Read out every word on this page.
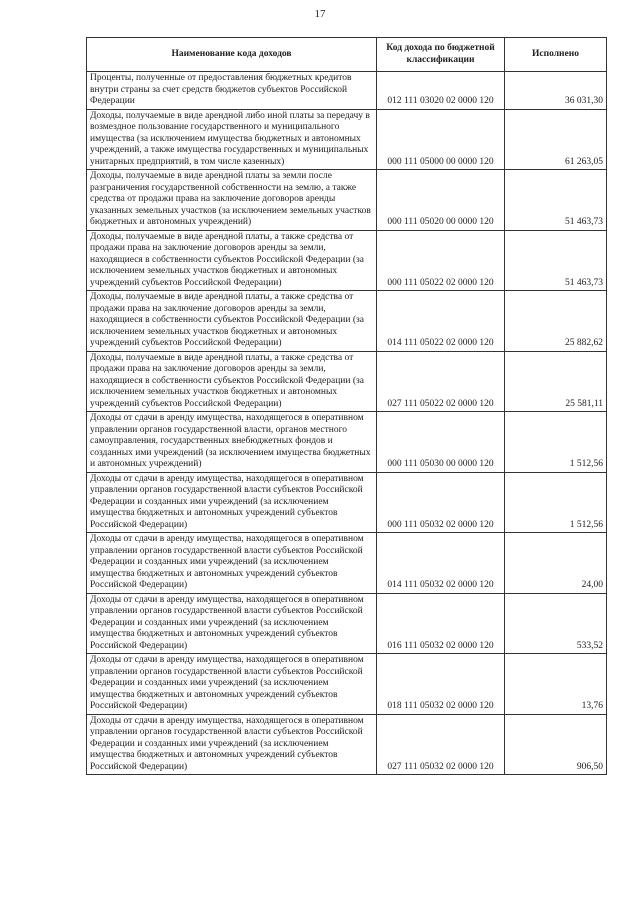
17
Наименование кода доходов	Код дохода по бюджетной классификации	Исполнено
Проценты, полученные от предоставления бюджетных кредитов внутри страны за счет средств бюджетов субъектов Российской Федерации	012 111 03020 02 0000 120	36 031,30
Доходы, получаемые в виде арендной либо иной платы за передачу в возмездное пользование государственного и муниципального имущества (за исключением имущества бюджетных и автономных учреждений, а также имущества государственных и муниципальных унитарных предприятий, в том числе казенных)	000 111 05000 00 0000 120	61 263,05
Доходы, получаемые в виде арендной платы за земли после разграничения государственной собственности на землю, а также средства от продажи права на заключение договоров аренды указанных земельных участков (за исключением земельных участков бюджетных и автономных учреждений)	000 111 05020 00 0000 120	51 463,73
Доходы, получаемые в виде арендной платы, а также средства от продажи права на заключение договоров аренды за земли, находящиеся в собственности субъектов Российской Федерации (за исключением земельных участков бюджетных и автономных учреждений субъектов Российской Федерации)	000 111 05022 02 0000 120	51 463,73
Доходы, получаемые в виде арендной платы, а также средства от продажи права на заключение договоров аренды за земли, находящиеся в собственности субъектов Российской Федерации (за исключением земельных участков бюджетных и автономных учреждений субъектов Российской Федерации)	014 111 05022 02 0000 120	25 882,62
Доходы, получаемые в виде арендной платы, а также средства от продажи права на заключение договоров аренды за земли, находящиеся в собственности субъектов Российской Федерации (за исключением земельных участков бюджетных и автономных учреждений субъектов Российской Федерации)	027 111 05022 02 0000 120	25 581,11
Доходы от сдачи в аренду имущества, находящегося в оперативном управлении органов государственной власти, органов местного самоуправления, государственных внебюджетных фондов и созданных ими учреждений (за исключением имущества бюджетных и автономных учреждений)	000 111 05030 00 0000 120	1 512,56
Доходы от сдачи в аренду имущества, находящегося в оперативном управлении органов государственной власти субъектов Российской Федерации и созданных ими учреждений (за исключением имущества бюджетных и автономных учреждений субъектов Российской Федерации)	000 111 05032 02 0000 120	1 512,56
Доходы от сдачи в аренду имущества, находящегося в оперативном управлении органов государственной власти субъектов Российской Федерации и созданных ими учреждений (за исключением имущества бюджетных и автономных учреждений субъектов Российской Федерации)	014 111 05032 02 0000 120	24,00
Доходы от сдачи в аренду имущества, находящегося в оперативном управлении органов государственной власти субъектов Российской Федерации и созданных ими учреждений (за исключением имущества бюджетных и автономных учреждений субъектов Российской Федерации)	016 111 05032 02 0000 120	533,52
Доходы от сдачи в аренду имущества, находящегося в оперативном управлении органов государственной власти субъектов Российской Федерации и созданных ими учреждений (за исключением имущества бюджетных и автономных учреждений субъектов Российской Федерации)	018 111 05032 02 0000 120	13,76
Доходы от сдачи в аренду имущества, находящегося в оперативном управлении органов государственной власти субъектов Российской Федерации и созданных ими учреждений (за исключением имущества бюджетных и автономных учреждений субъектов Российской Федерации)	027 111 05032 02 0000 120	906,50
